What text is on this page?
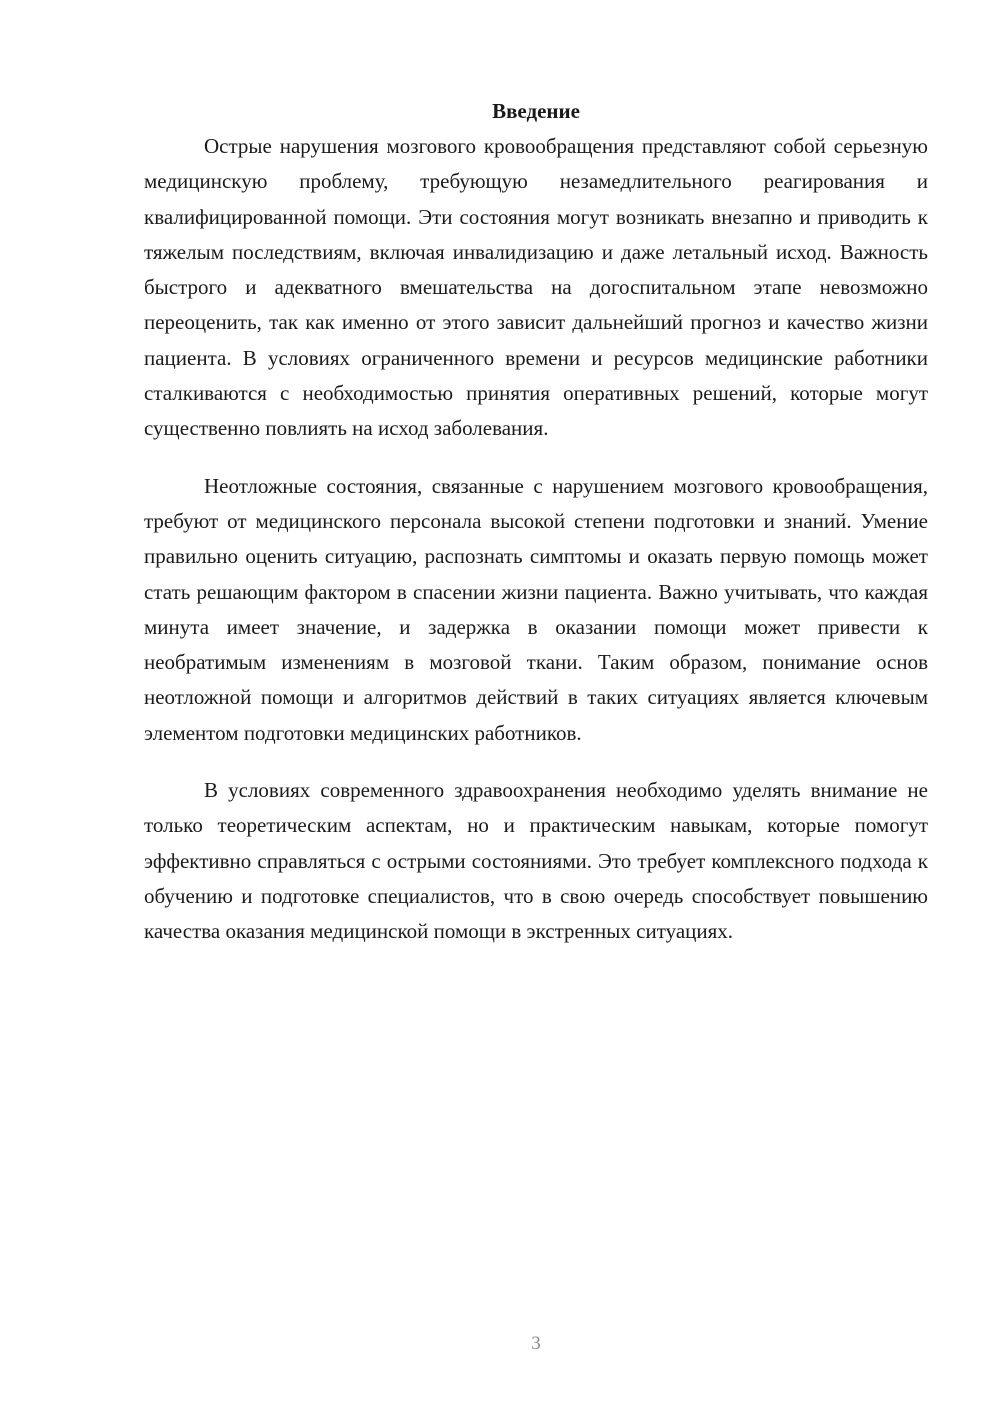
Введение

Острые нарушения мозгового кровообращения представляют собой серьезную медицинскую проблему, требующую незамедлительного реагирования и квалифицированной помощи. Эти состояния могут возникать внезапно и приводить к тяжелым последствиям, включая инвалидизацию и даже летальный исход. Важность быстрого и адекватного вмешательства на догоспитальном этапе невозможно переоценить, так как именно от этого зависит дальнейший прогноз и качество жизни пациента. В условиях ограниченного времени и ресурсов медицинские работники сталкиваются с необходимостью принятия оперативных решений, которые могут существенно повлиять на исход заболевания.

Неотложные состояния, связанные с нарушением мозгового кровообращения, требуют от медицинского персонала высокой степени подготовки и знаний. Умение правильно оценить ситуацию, распознать симптомы и оказать первую помощь может стать решающим фактором в спасении жизни пациента. Важно учитывать, что каждая минута имеет значение, и задержка в оказании помощи может привести к необратимым изменениям в мозговой ткани. Таким образом, понимание основ неотложной помощи и алгоритмов действий в таких ситуациях является ключевым элементом подготовки медицинских работников.

В условиях современного здравоохранения необходимо уделять внимание не только теоретическим аспектам, но и практическим навыкам, которые помогут эффективно справляться с острыми состояниями. Это требует комплексного подхода к обучению и подготовке специалистов, что в свою очередь способствует повышению качества оказания медицинской помощи в экстренных ситуациях.

3
